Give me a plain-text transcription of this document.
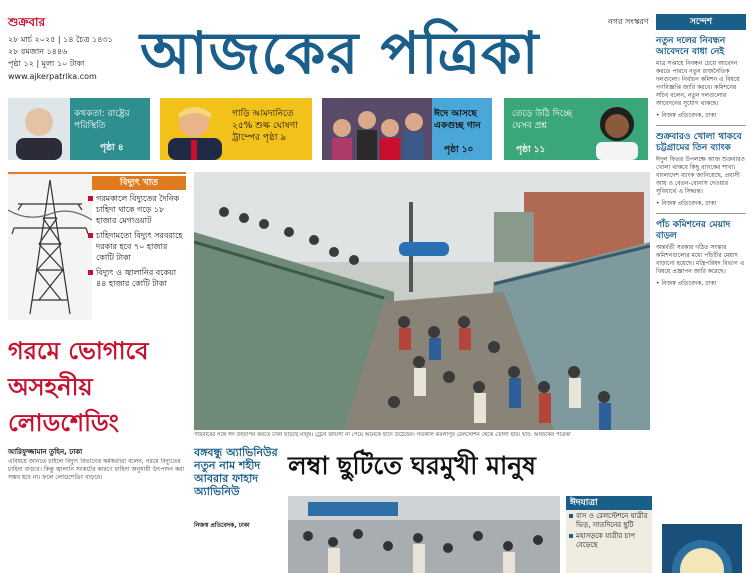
শুক্রবার
২৮ মার্চ ২০২৫ | ১৪ চৈত্র ১৪৩১
২৮ রমজান ১৪৪৬
পৃষ্ঠা ১২ | মূল্য ১০ টাকা
www.ajkerpatrika.com
নগর সংস্করণ
আজকের পত্রিকা
কথকতা: রাষ্ট্রের পরিস্থিতি
পৃষ্ঠা ৪
গাড়ি আমদানিতে ২৫% শুল্ক ঘোষণা ট্রাম্পের পৃষ্ঠা ৯
ঈদে আসছে একগুচ্ছ গান
পৃষ্ঠা ১০
তেড়ে উঠি দিচ্ছে যেসব প্রশ্ন
পৃষ্ঠা ১১
সন্দেশ
নতুন দলের নিবন্ধন আবেদনে বাধা নেই

মাত্র সপ্তাহে নিবন্ধন চেয়ে আবেদন করতে পারবে নতুন রাজনৈতিক দলগুলো। নির্বাচন কমিশন এ বিষয়ে গণবিজ্ঞপ্তি জারি করবে। কমিশনের সচিব বলেন, নতুন দলগুলোর আবেদনের সুযোগ থাকছে।

• নিজস্ব প্রতিবেদক, ঢাকা
শুক্রবারও খোলা থাকবে চট্টগ্রামের তিন ব্যাংক

ঈদুল ফিতর উপলক্ষে আজ শুক্রবারও খোলা থাকবে কিছু ব্যাংকের শাখা। বাংলাদেশ ব্যাংক জানিয়েছে, প্রবাসী আয় ও বেতন-বোনাস দেওয়ার সুবিধার্থে এ সিদ্ধান্ত।

• নিজস্ব প্রতিবেদক, ঢাকা
পাঁচ কমিশনের মেয়াদ বাড়ল

অন্তর্বর্তী সরকার গঠিত সংস্কার কমিশনগুলোর মধ্যে পাঁচটির মেয়াদ বাড়ানো হয়েছে। মন্ত্রিপরিষদ বিভাগ এ বিষয়ে প্রজ্ঞাপন জারি করেছে।

• নিজস্ব প্রতিবেদক, ঢাকা
বিদ্যুৎ খাত
গরমকালে বিদ্যুতের দৈনিক চাহিদা থাকে গড়ে ১৮ হাজার মেগাওয়াট
চাহিদামতো বিদ্যুৎ সরবরাহে দরকার হবে ৭০ হাজার কোটি টাকা
বিদ্যুৎ ও জ্বালানির বকেয়া ৪৪ হাজার কোটি টাকা
গরমে ভোগাবে অসহনীয় লোডশেডিং
আরিফুজ্জামান তুহিন, ঢাকা
এবিষয়ে জানতে চাইলে বিদ্যুৎ বিভাগের কর্মকর্তারা বলেন, গরমে বিদ্যুতের চাহিদা বাড়বে। কিন্তু জ্বালানি সংকটের কারণে চাহিদা অনুযায়ী উৎপাদন করা সম্ভব হবে না। ফলে লোডশেডিং বাড়বে।
পরিবারের সঙ্গে ঈদ উদ্‌যাপন করতে ঢাকা ছাড়ছে মানুষ। ট্রেনে জায়গা না পেয়ে অনেকে ছাদে উঠেছেন। গতকাল কমলাপুর রেলস্টেশন থেকে তোলা ছবি। ছবি: আজকের পত্রিকা
বঙ্গবন্ধু অ্যাভিনিউর নতুন নাম শহীদ আবরার ফাহাদ অ্যাভিনিউ
নিজস্ব প্রতিবেদক, ঢাকা
লম্বা ছুটিতে ঘরমুখী মানুষ
ঈদযাত্রা
বাস ও রেলস্টেশনে যাত্রীর ভিড়, সাতদিনের ছুটি
মহাসড়কে যাত্রীর চাপ বেড়েছে
